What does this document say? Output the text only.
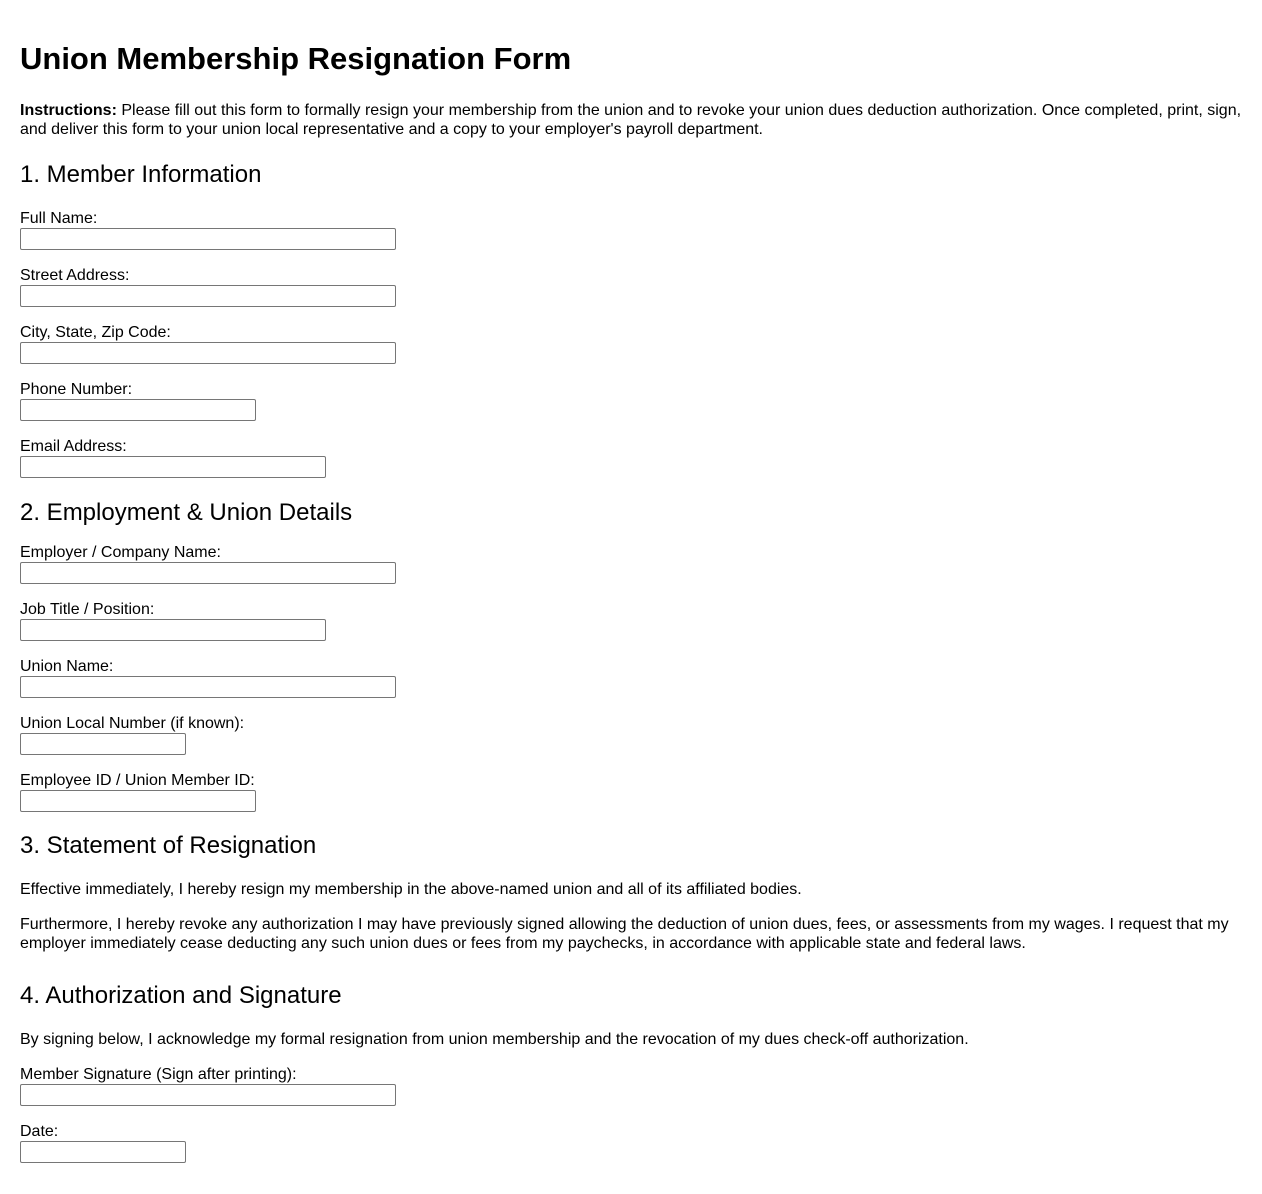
Union Membership Resignation Form

Instructions: Please fill out this form to formally resign your membership from the union and to revoke your union dues deduction authorization. Once completed, print, sign, and deliver this form to your union local representative and a copy to your employer's payroll department.

1. Member Information
Full Name:
Street Address:
City, State, Zip Code:
Phone Number:
Email Address:
2. Employment & Union Details
Employer / Company Name:
Job Title / Position:
Union Name:
Union Local Number (if known):
Employee ID / Union Member ID:
3. Statement of Resignation

Effective immediately, I hereby resign my membership in the above-named union and all of its affiliated bodies.

Furthermore, I hereby revoke any authorization I may have previously signed allowing the deduction of union dues, fees, or assessments from my wages. I request that my employer immediately cease deducting any such union dues or fees from my paychecks, in accordance with applicable state and federal laws.

4. Authorization and Signature

By signing below, I acknowledge my formal resignation from union membership and the revocation of my dues check-off authorization.

Member Signature (Sign after printing):
Date:
